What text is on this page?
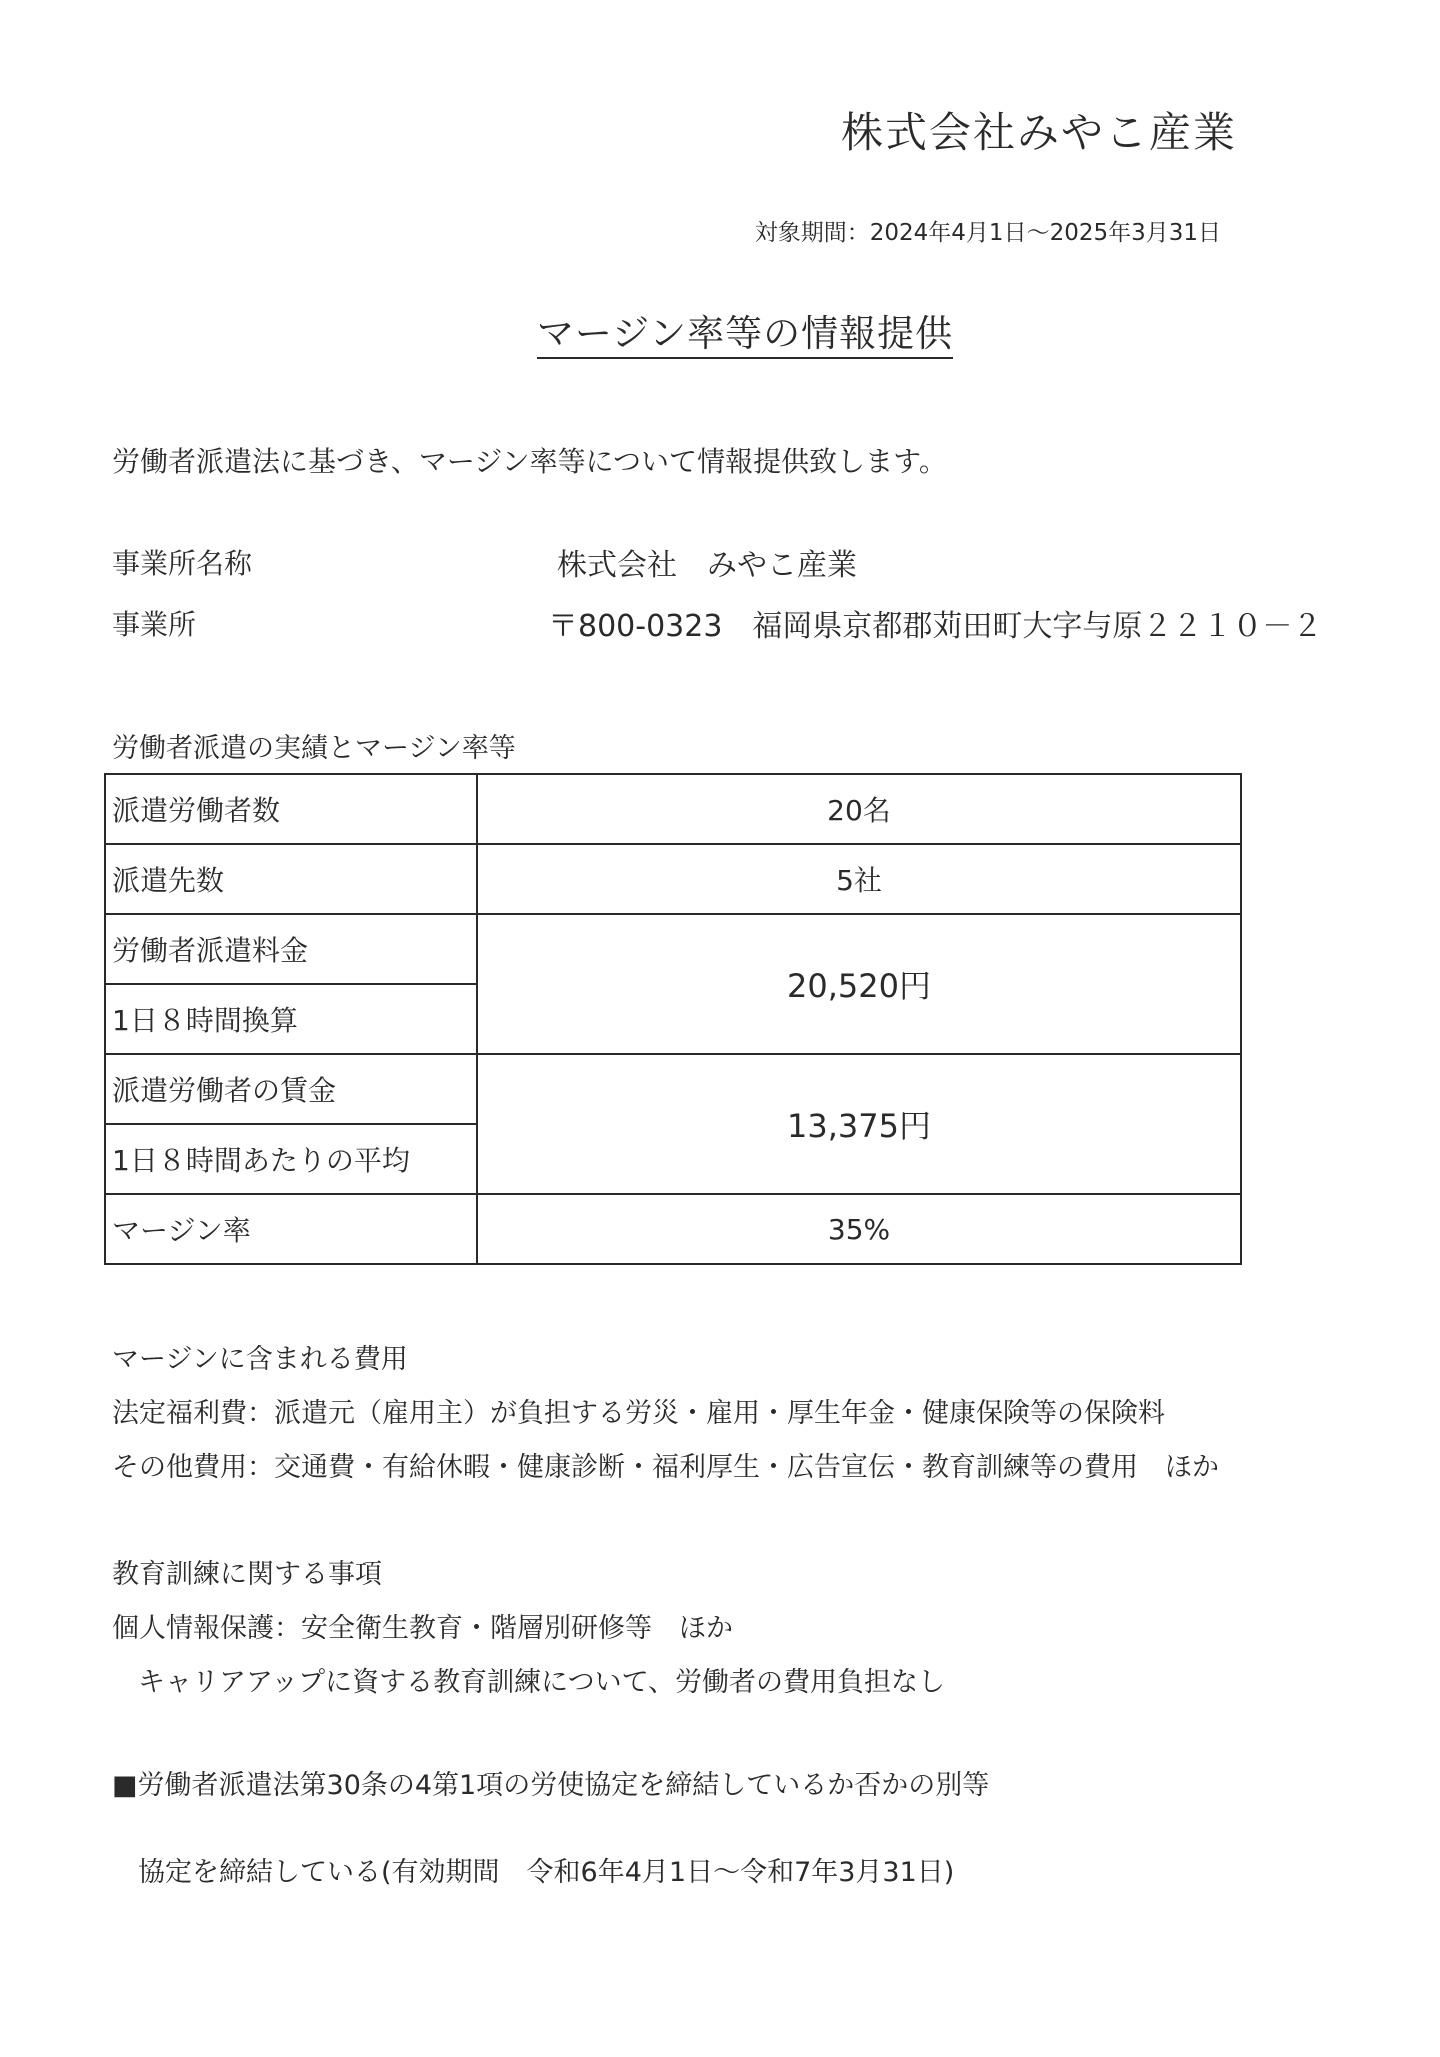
株式会社みやこ産業
対象期間：2024年4月1日～2025年3月31日
マージン率等の情報提供
労働者派遣法に基づき、マージン率等について情報提供致します。
事業所名称	株式会社　みやこ産業
事業所	〒800-0323　福岡県京都郡苅田町大字与原２２１０－２
労働者派遣の実績とマージン率等
派遣労働者数	20名
派遣先数	5社
労働者派遣料金	20,520円
1日８時間換算	
派遣労働者の賃金	13,375円
1日８時間あたりの平均	
マージン率	35%
マージンに含まれる費用
法定福利費：派遣元（雇用主）が負担する労災・雇用・厚生年金・健康保険等の保険料
その他費用：交通費・有給休暇・健康診断・福利厚生・広告宣伝・教育訓練等の費用　ほか
教育訓練に関する事項
個人情報保護：安全衛生教育・階層別研修等　ほか
キャリアアップに資する教育訓練について、労働者の費用負担なし
■労働者派遣法第30条の4第1項の労使協定を締結しているか否かの別等
協定を締結している(有効期間　令和6年4月1日～令和7年3月31日)
